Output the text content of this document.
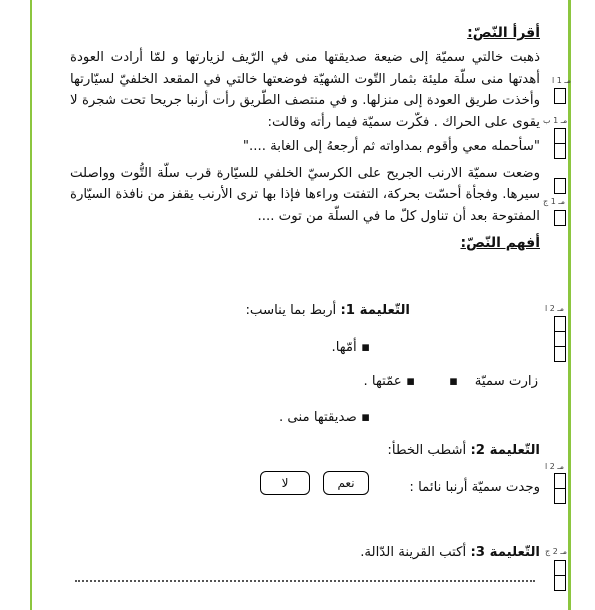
أقرأ النّصّ:

ذهبت خالتي سميّة إلى ضيعة صديقتها منى في الرّيف لزيارتها و لمّا أرادت العودة أهدتها منى سلّة مليئة بثمار التّوت الشهيّة فوضعتها خالتي في المقعد الخلفيّ لسيّارتها وأخذت طريق العودة إلى منزلها. و في منتصف الطّريق رأت أرنبا جريحا تحت شجرة لا يقوى على الحراك . فكّرت سميّة فيما رأته وقالت:

"سأحمله معي وأقوم بمداواته ثم أرجعهُ إلى الغابة ...."

وضعت سميّة الارنب الجريح على الكرسيّ الخلفي للسيّارة قرب سلّة التُّوت وواصلت سيرها. وفجأة أحسّت بحركة، التفتت وراءها فإذا بها ترى الأرنب يقفز من نافذة السيّارة المفتوحة بعد أن تناول كلّ ما في السلّة من توت ....

أفهم النّصّ:

التّعليمة 1: أربط بما يناسب:
▪ أمّها.
▪ عمّتها .
▪ صديقتها منى .
زارت سميّة    ▪
التّعليمة 2: أشطب الخطأ:
وجدت سميّة أرنبا نائما :
نعم
لا
التّعليمة 3: أكتب القرينة الدّالة.
مـ 1 ا
مـ 1 ب
مـ 1 ج
مـ 2 ا
مـ 2 ا
مـ 2 ج
